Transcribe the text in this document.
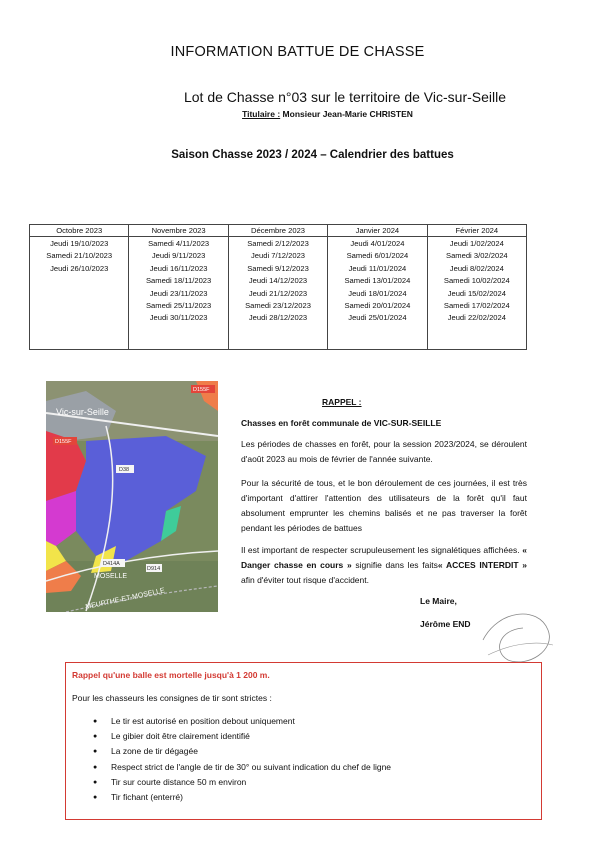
INFORMATION BATTUE DE CHASSE
Lot de Chasse n°03 sur le territoire de Vic-sur-Seille
Titulaire : Monsieur Jean-Marie CHRISTEN
Saison Chasse 2023 / 2024 – Calendrier des battues
Octobre 2023
Jeudi 19/10/2023
Samedi 21/10/2023
Jeudi 26/10/2023
Novembre 2023
Samedi 4/11/2023
Jeudi 9/11/2023
Jeudi 16/11/2023
Samedi 18/11/2023
Jeudi 23/11/2023
Samedi 25/11/2023
Jeudi 30/11/2023
Décembre 2023
Samedi 2/12/2023
Jeudi 7/12/2023
Samedi 9/12/2023
Jeudi 14/12/2023
Jeudi 21/12/2023
Samedi 23/12/2023
Jeudi 28/12/2023
Janvier 2024
Jeudi 4/01/2024
Samedi 6/01/2024
Jeudi 11/01/2024
Samedi 13/01/2024
Jeudi 18/01/2024
Samedi 20/01/2024
Jeudi 25/01/2024
Février 2024
Jeudi 1/02/2024
Samedi 3/02/2024
Jeudi 8/02/2024
Samedi 10/02/2024
Jeudi 15/02/2024
Samedi 17/02/2024
Jeudi 22/02/2024
Vic-sur-Seille
D155F
D38
D155F
D414A
D914
MOSELLE
MEURTHE-ET-MOSELLE
RAPPEL :
Chasses en forêt communale de VIC-SUR-SEILLE
Les périodes de chasses en forêt, pour la session 2023/2024, se déroulent d'août 2023 au mois de février de l'année suivante.
Pour la sécurité de tous, et le bon déroulement de ces journées, il est très d'important d'attirer l'attention des utilisateurs de la forêt qu'il faut absolument emprunter les chemins balisés et ne pas traverser la forêt pendant les périodes de battues
Il est important de respecter scrupuleusement les signalétiques affichées. « Danger chasse en cours » signifie dans les faits« ACCES INTERDIT » afin d'éviter tout risque d'accident.
Le Maire,
Jérôme END
Rappel qu'une balle est mortelle jusqu'à 1 200 m.
Pour les chasseurs les consignes de tir sont strictes :
● Le tir est autorisé en position debout uniquement
● Le gibier doit être clairement identifié
● La zone de tir dégagée
● Respect strict de l'angle de tir de 30° ou suivant indication du chef de ligne
● Tir sur courte distance 50 m environ
● Tir fichant (enterré)
